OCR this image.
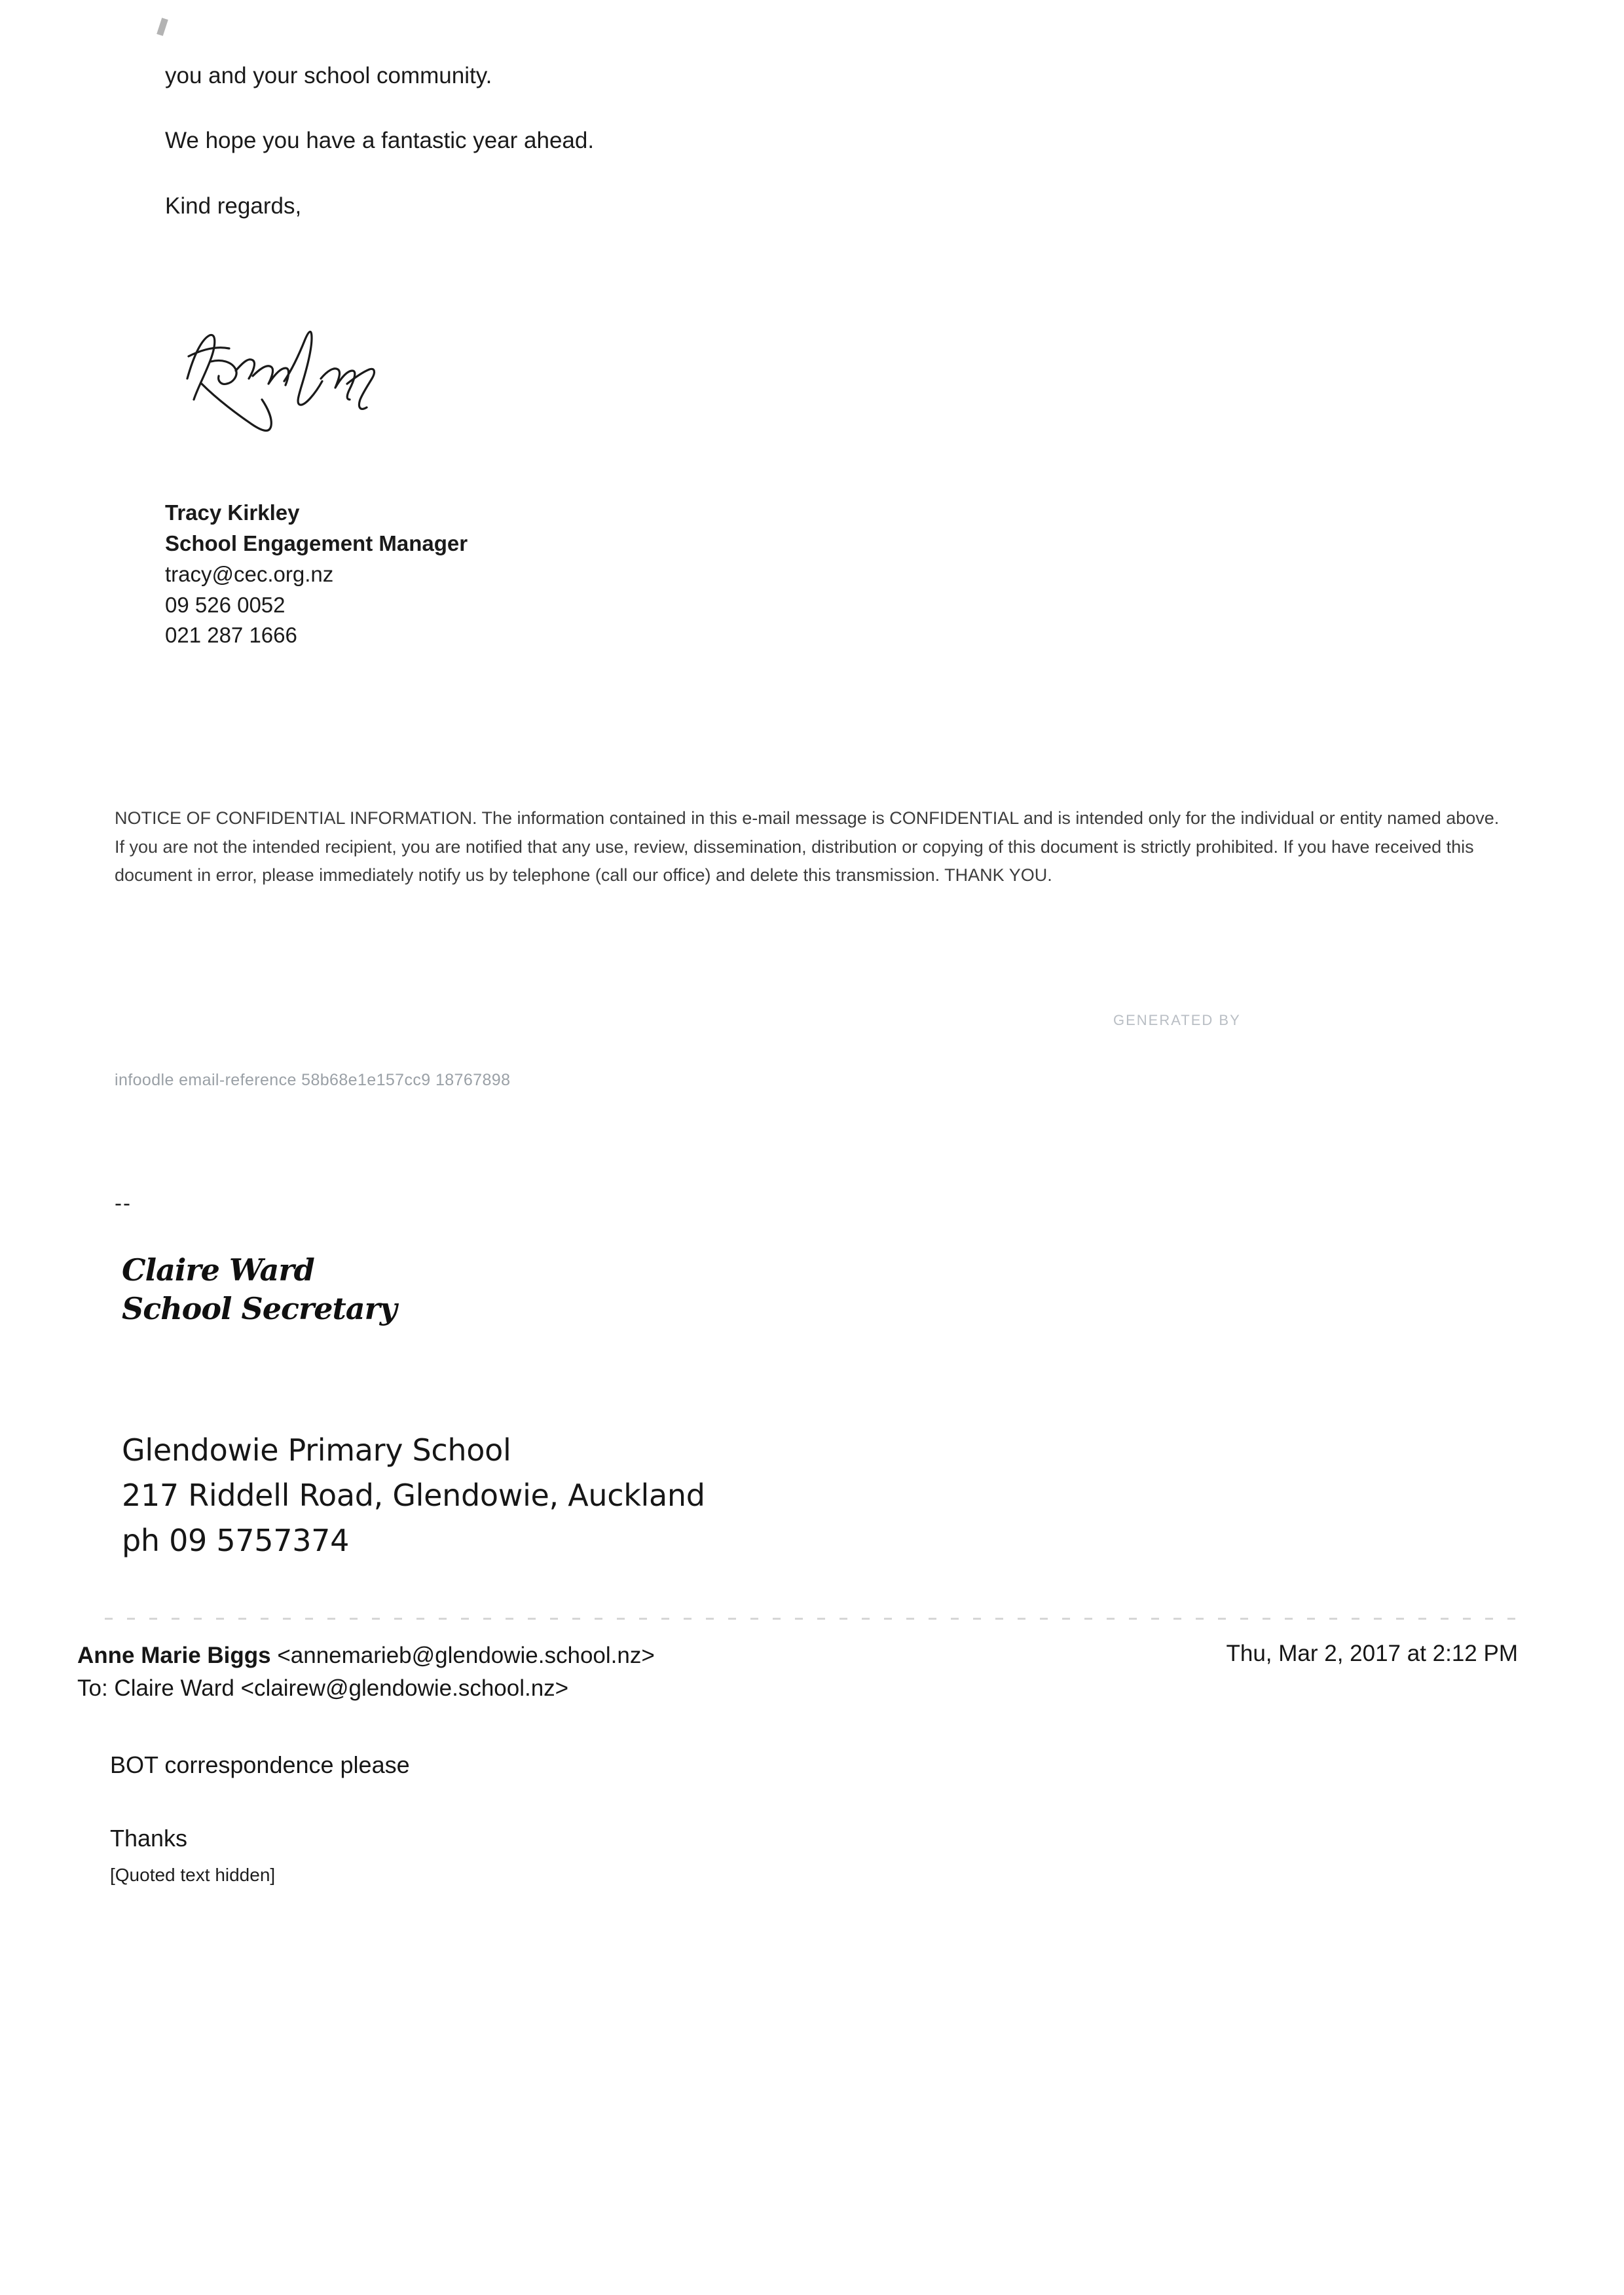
you and your school community.

We hope you have a fantastic year ahead.

Kind regards,

Tracy Kirkley
School Engagement Manager
tracy@cec.org.nz
09 526 0052
021 287 1666
NOTICE OF CONFIDENTIAL INFORMATION. The information contained in this e-mail message is CONFIDENTIAL and is intended only for the individual or entity named above. If you are not the intended recipient, you are notified that any use, review, dissemination, distribution or copying of this document is strictly prohibited. If you have received this document in error, please immediately notify us by telephone (call our office) and delete this transmission. THANK YOU.
GENERATED BY
infoodle email-reference 58b68e1e157cc9 18767898
--
Claire Ward
School Secretary
Glendowie Primary School
217 Riddell Road, Glendowie, Auckland
ph 09 5757374
Anne Marie Biggs <annemarieb@glendowie.school.nz>
To: Claire Ward <clairew@glendowie.school.nz>
Thu, Mar 2, 2017 at 2:12 PM

BOT correspondence please

Thanks

[Quoted text hidden]
